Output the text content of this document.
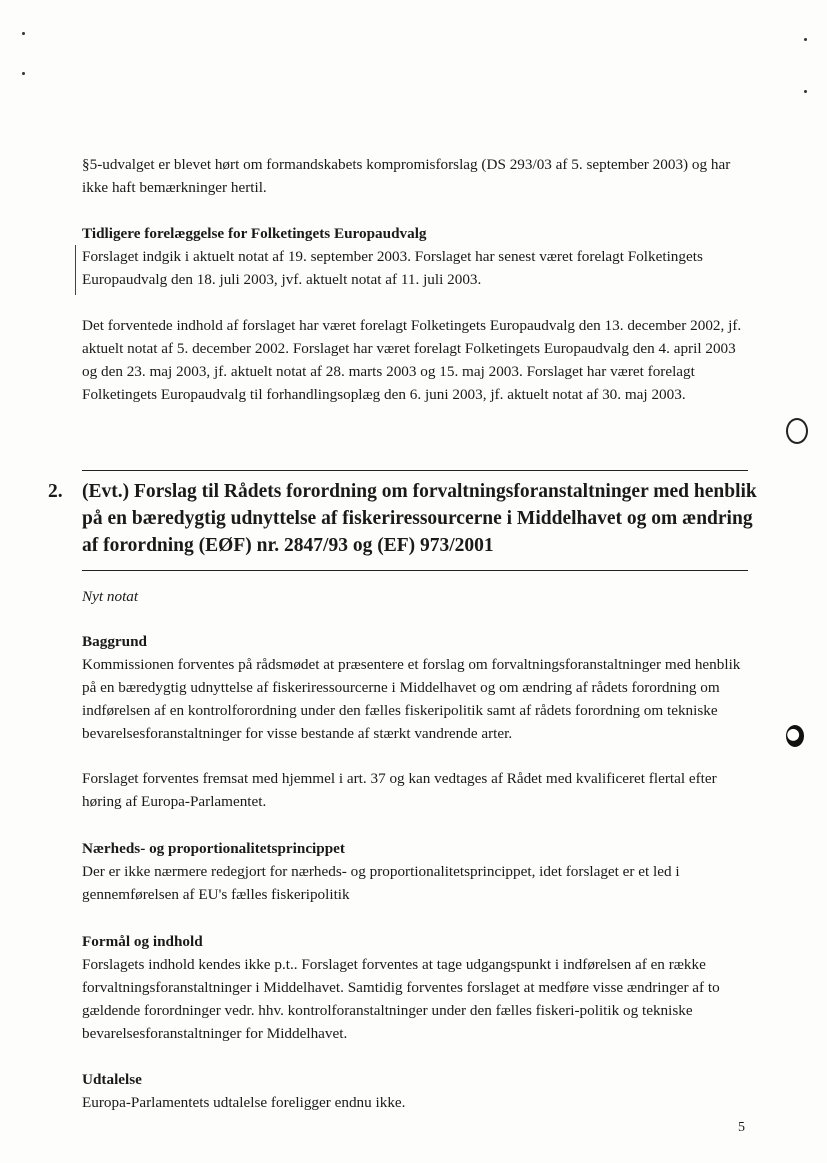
§5-udvalget er blevet hørt om formandskabets kompromisforslag (DS 293/03 af 5. september 2003) og har ikke haft bemærkninger hertil.

Tidligere forelæggelse for Folketingets Europaudvalg

Forslaget indgik i aktuelt notat af 19. september 2003. Forslaget har senest været forelagt Folketingets Europaudvalg den 18. juli 2003, jvf. aktuelt notat af 11. juli 2003.

Det forventede indhold af forslaget har været forelagt Folketingets Europaudvalg den 13. december 2002, jf. aktuelt notat af 5. december 2002. Forslaget har været forelagt Folketingets Europaudvalg den 4. april 2003 og den 23. maj 2003, jf. aktuelt notat af 28. marts 2003 og 15. maj 2003. Forslaget har været forelagt Folketingets Europaudvalg til forhandlingsoplæg den 6. juni 2003, jf. aktuelt notat af 30. maj 2003.

2. (Evt.) Forslag til Rådets forordning om forvaltningsforanstaltninger med henblik på en bæredygtig udnyttelse af fiskeriressourcerne i Middelhavet og om ændring af forordning (EØF) nr. 2847/93 og (EF) 973/2001

Nyt notat

Baggrund

Kommissionen forventes på rådsmødet at præsentere et forslag om forvaltningsforanstaltninger med henblik på en bæredygtig udnyttelse af fiskeriressourcerne i Middelhavet og om ændring af rådets forordning om indførelsen af en kontrolforordning under den fælles fiskeripolitik samt af rådets forordning om tekniske bevarelsesforanstaltninger for visse bestande af stærkt vandrende arter.

Forslaget forventes fremsat med hjemmel i art. 37 og kan vedtages af Rådet med kvalificeret flertal efter høring af Europa-Parlamentet.

Nærheds- og proportionalitetsprincippet

Der er ikke nærmere redegjort for nærheds- og proportionalitetsprincippet, idet forslaget er et led i gennemførelsen af EU's fælles fiskeripolitik

Formål og indhold

Forslagets indhold kendes ikke p.t.. Forslaget forventes at tage udgangspunkt i indførelsen af en række forvaltningsforanstaltninger i Middelhavet. Samtidig forventes forslaget at medføre visse ændringer af to gældende forordninger vedr. hhv. kontrolforanstaltninger under den fælles fiskeri-politik og tekniske bevarelsesforanstaltninger for Middelhavet.

Udtalelse

Europa-Parlamentets udtalelse foreligger endnu ikke.

5
